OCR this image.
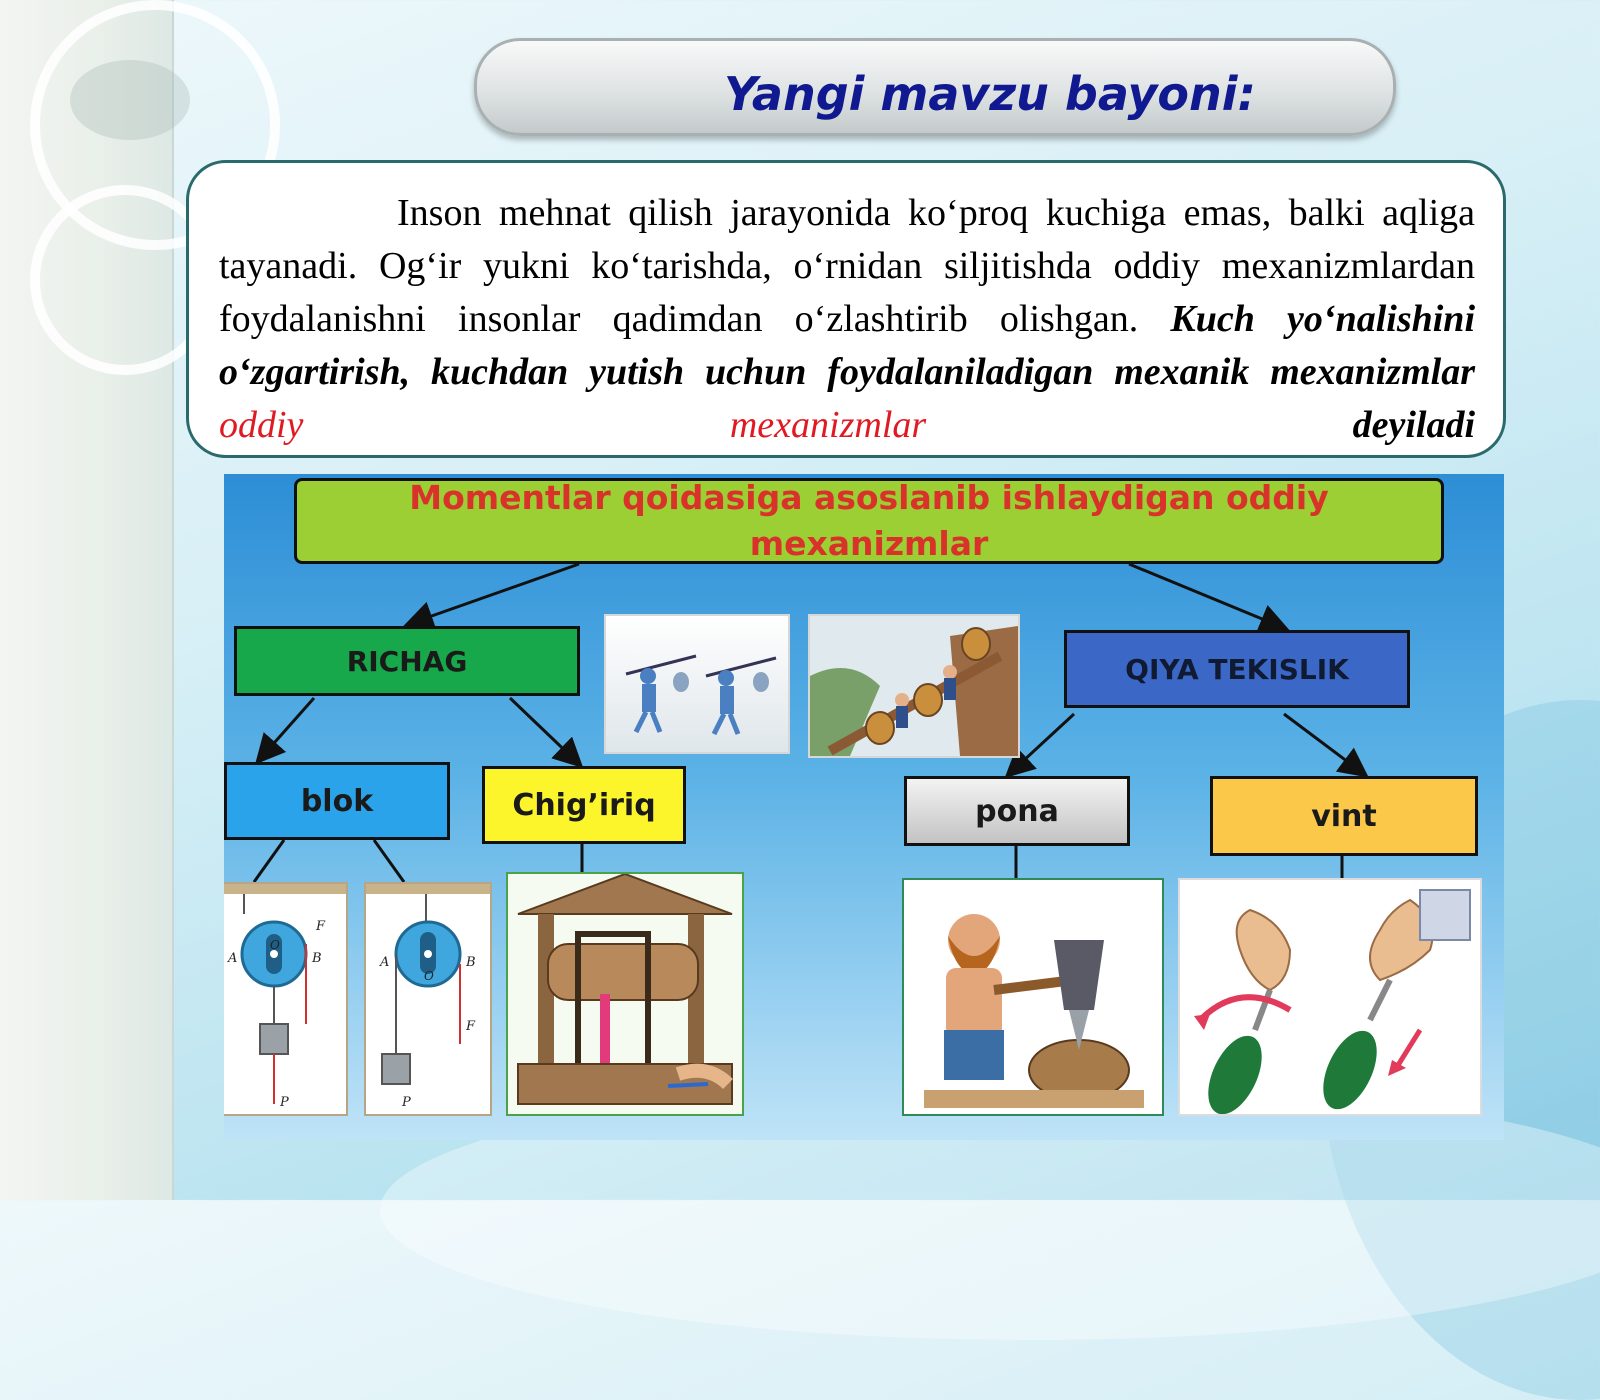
Yangi mavzu bayoni:
Inson mehnat qilish jarayonida ko‘proq kuchiga emas, balki aqliga tayanadi. Og‘ir yukni ko‘tarishda, o‘rnidan siljitishda oddiy mexanizmlardan foydalanishni insonlar qadimdan o‘zlashtirib olishgan. Kuch yo‘nalishini o‘zgartirish, kuchdan yutish uchun foydalaniladigan mexanik mexanizmlar oddiy mexanizmlar	deyiladi
Momentlar qoidasiga asoslanib ishlaydigan oddiy mexanizmlar
RICHAG	QIYA TEKISLIK
blok	Chig’iriq	pona	vint
A	B
O
F
P
A	B
O
F
P
